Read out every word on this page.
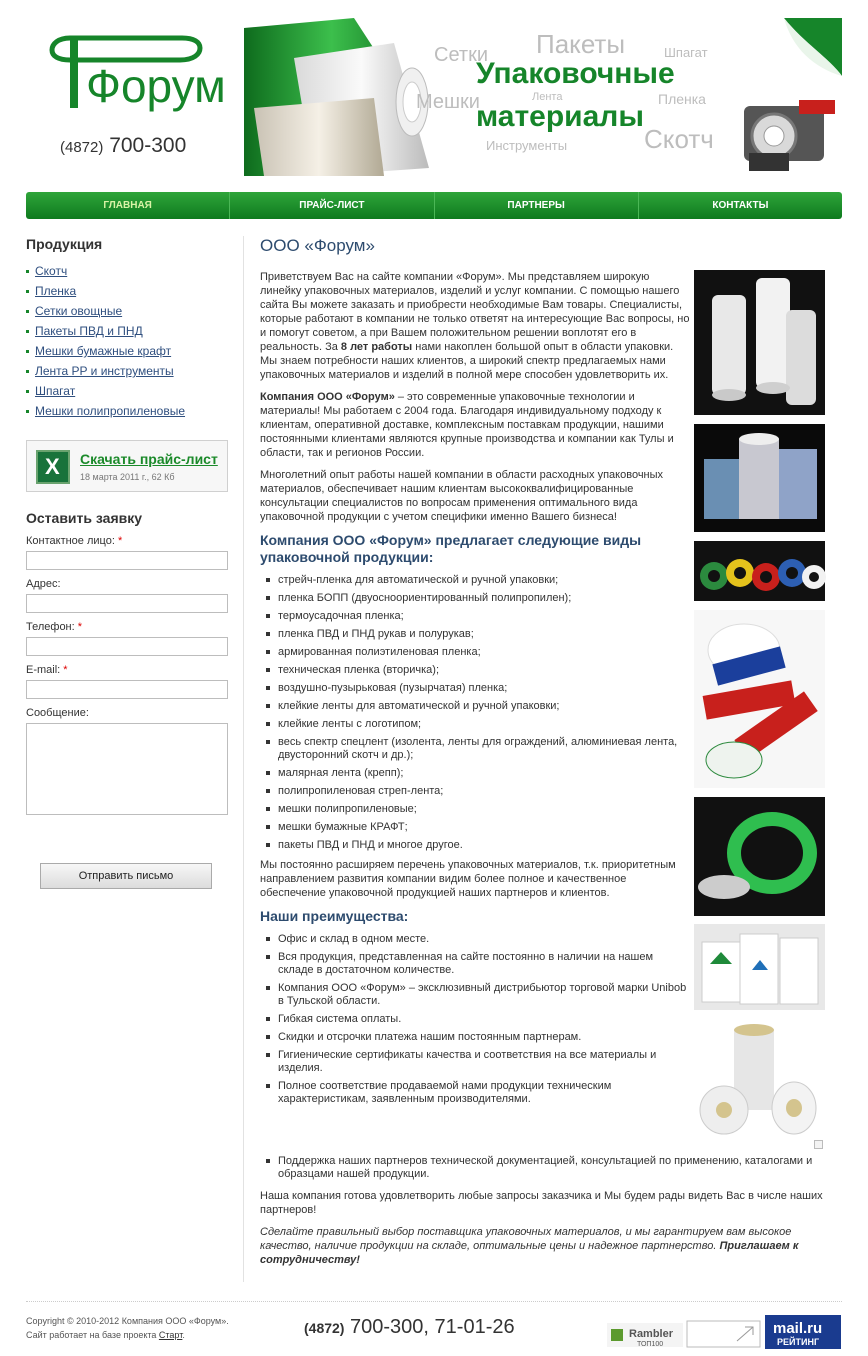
Форум
(4872) 700-300
Сетки Пакеты	Шпагат
Мешки	Лента	Пленка
Скотч
Инструменты
Упаковочные
материалы
ГЛАВНАЯ	ПРАЙС-ЛИСТ	ПАРТНЕРЫ	КОНТАКТЫ
Продукция
Скотч
Пленка
Сетки овощные
Пакеты ПВД и ПНД
Мешки бумажные крафт
Лента PP и инструменты
Шпагат
Мешки полипропиленовые
X
Скачать прайс-лист
18 марта 2011 г., 62 Кб
Оставить заявку
Контактное лицо: *
Адрес:
Телефон: *
E-mail: *
Сообщение:
Отправить письмо
ООО «Форум»

Приветствуем Вас на сайте компании «Форум». Мы представляем широкую линейку упаковочных материалов, изделий и услуг компании. С помощью нашего сайта Вы можете заказать и приобрести необходимые Вам товары. Специалисты, которые работают в компании не только ответят на интересующие Вас вопросы, но и помогут советом, а при Вашем положительном решении воплотят его в реальность. За 8 лет работы нами накоплен большой опыт в области упаковки. Мы знаем потребности наших клиентов, а широкий спектр предлагаемых нами упаковочных материалов и изделий в полной мере способен удовлетворить их.

Компания ООО «Форум» – это современные упаковочные технологии и материалы! Мы работаем с 2004 года. Благодаря индивидуальному подходу к клиентам, оперативной доставке, комплексным поставкам продукции, нашими постоянными клиентами являются крупные производства и компании как Тулы и области, так и регионов России.

Многолетний опыт работы нашей компании в области расходных упаковочных материалов, обеспечивает нашим клиентам высококвалифицированные консультации специалистов по вопросам применения оптимального вида упаковочной продукции с учетом специфики именно Вашего бизнеса!

Компания ООО «Форум» предлагает следующие виды упаковочной продукции:
стрейч-пленка для автоматической и ручной упаковки;
пленка БОПП (двуосноориентированный полипропилен);
термоусадочная пленка;
пленка ПВД и ПНД рукав и полурукав;
армированная полиэтиленовая пленка;
техническая пленка (вторичка);
воздушно-пузырьковая (пузырчатая) пленка;
клейкие ленты для автоматической и ручной упаковки;
клейкие ленты с логотипом;
весь спектр спецлент (изолента, ленты для ограждений, алюминиевая лента, двусторонний скотч и др.);
малярная лента (крепп);
полипропиленовая стреп-лента;
мешки полипропиленовые;
мешки бумажные КРАФТ;
пакеты ПВД и ПНД и многое другое.

Мы постоянно расширяем перечень упаковочных материалов, т.к. приоритетным направлением развития компании видим более полное и качественное обеспечение упаковочной продукцией наших партнеров и клиентов.

Наши преимущества:
Офис и склад в одном месте.
Вся продукция, представленная на сайте постоянно в наличии на нашем складе в достаточном количестве.
Компания ООО «Форум» – эксклюзивный дистрибьютор торговой марки Unibob в Тульской области.
Гибкая система оплаты.
Скидки и отсрочки платежа нашим постоянным партнерам.
Гигиенические сертификаты качества и соответствия на все материалы и изделия.
Полное соответствие продаваемой нами продукции техническим характеристикам, заявленным производителями.
Поддержка наших партнеров технической документацией, консультацией по применению, каталогами и образцами нашей продукции.

Наша компания готова удовлетворить любые запросы заказчика и Мы будем рады видеть Вас в числе наших партнеров!

Сделайте правильный выбор поставщика упаковочных материалов, и мы гарантируем вам высокое качество, наличие продукции на складе, оптимальные цены и надежное партнерство. Приглашаем к сотрудничеству!

Copyright © 2010-2012 Компания ООО «Форум».
Сайт работает на базе проекта Старт.	(4872) 700-300, 71-01-26	Rambler
ТОП100
mail.ru
РЕЙТИНГ
